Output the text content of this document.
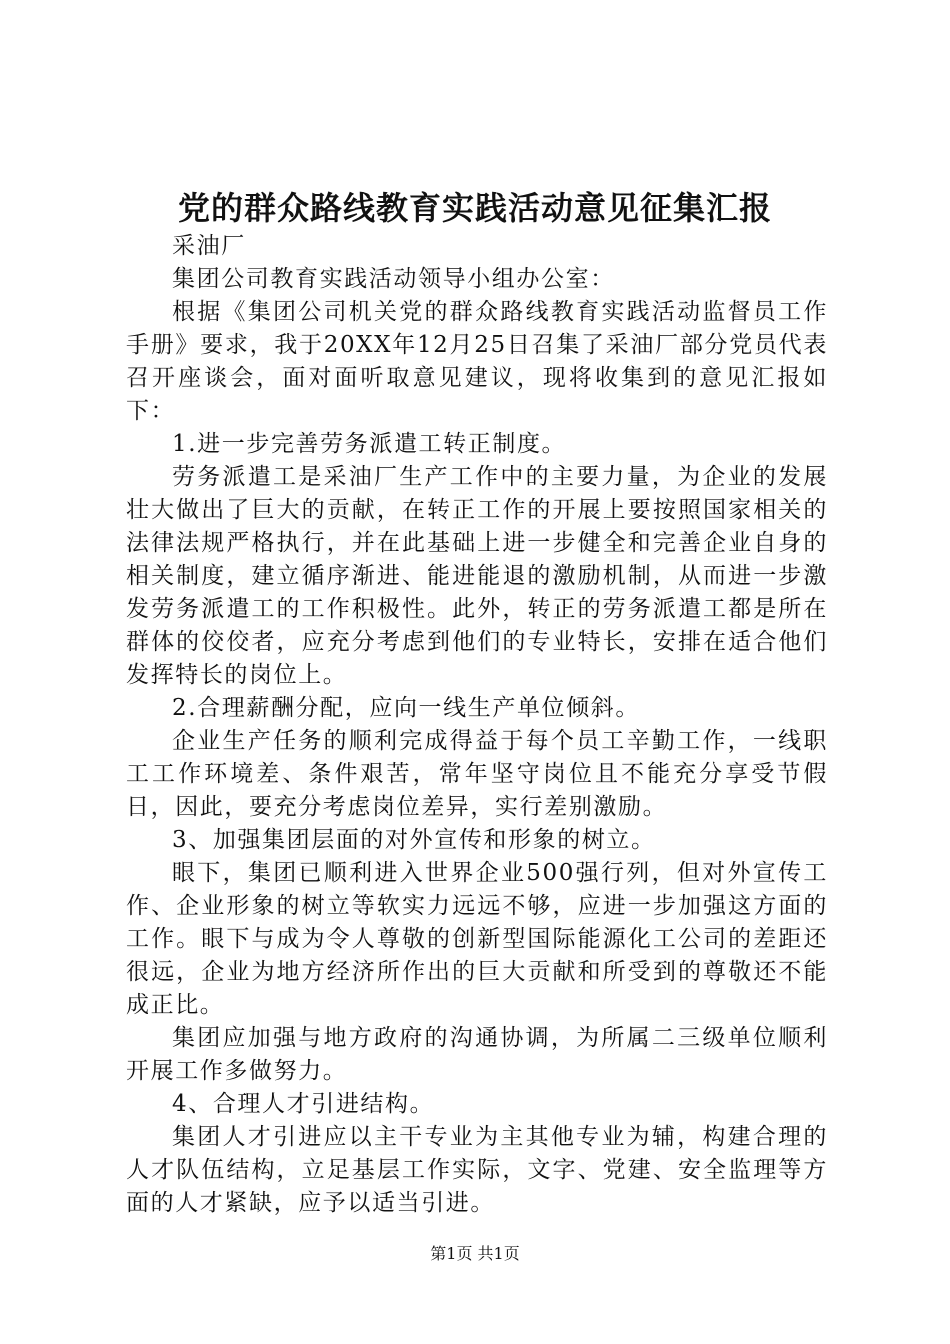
党的群众路线教育实践活动意见征集汇报

采油厂

集团公司教育实践活动领导小组办公室：

根据《集团公司机关党的群众路线教育实践活动监督员工作手册》要求，我于20XX年12月25日召集了采油厂部分党员代表召开座谈会，面对面听取意见建议，现将收集到的意见汇报如下：

1.进一步完善劳务派遣工转正制度。

劳务派遣工是采油厂生产工作中的主要力量，为企业的发展壮大做出了巨大的贡献，在转正工作的开展上要按照国家相关的法律法规严格执行，并在此基础上进一步健全和完善企业自身的相关制度，建立循序渐进、能进能退的激励机制，从而进一步激发劳务派遣工的工作积极性。此外，转正的劳务派遣工都是所在群体的佼佼者，应充分考虑到他们的专业特长，安排在适合他们发挥特长的岗位上。

2.合理薪酬分配，应向一线生产单位倾斜。

企业生产任务的顺利完成得益于每个员工辛勤工作，一线职工工作环境差、条件艰苦，常年坚守岗位且不能充分享受节假日，因此，要充分考虑岗位差异，实行差别激励。

3、加强集团层面的对外宣传和形象的树立。

眼下，集团已顺利进入世界企业500强行列，但对外宣传工作、企业形象的树立等软实力远远不够，应进一步加强这方面的工作。眼下与成为令人尊敬的创新型国际能源化工公司的差距还很远，企业为地方经济所作出的巨大贡献和所受到的尊敬还不能成正比。

集团应加强与地方政府的沟通协调，为所属二三级单位顺利开展工作多做努力。

4、合理人才引进结构。

集团人才引进应以主干专业为主其他专业为辅，构建合理的人才队伍结构，立足基层工作实际，文字、党建、安全监理等方面的人才紧缺，应予以适当引进。

第1页 共1页
